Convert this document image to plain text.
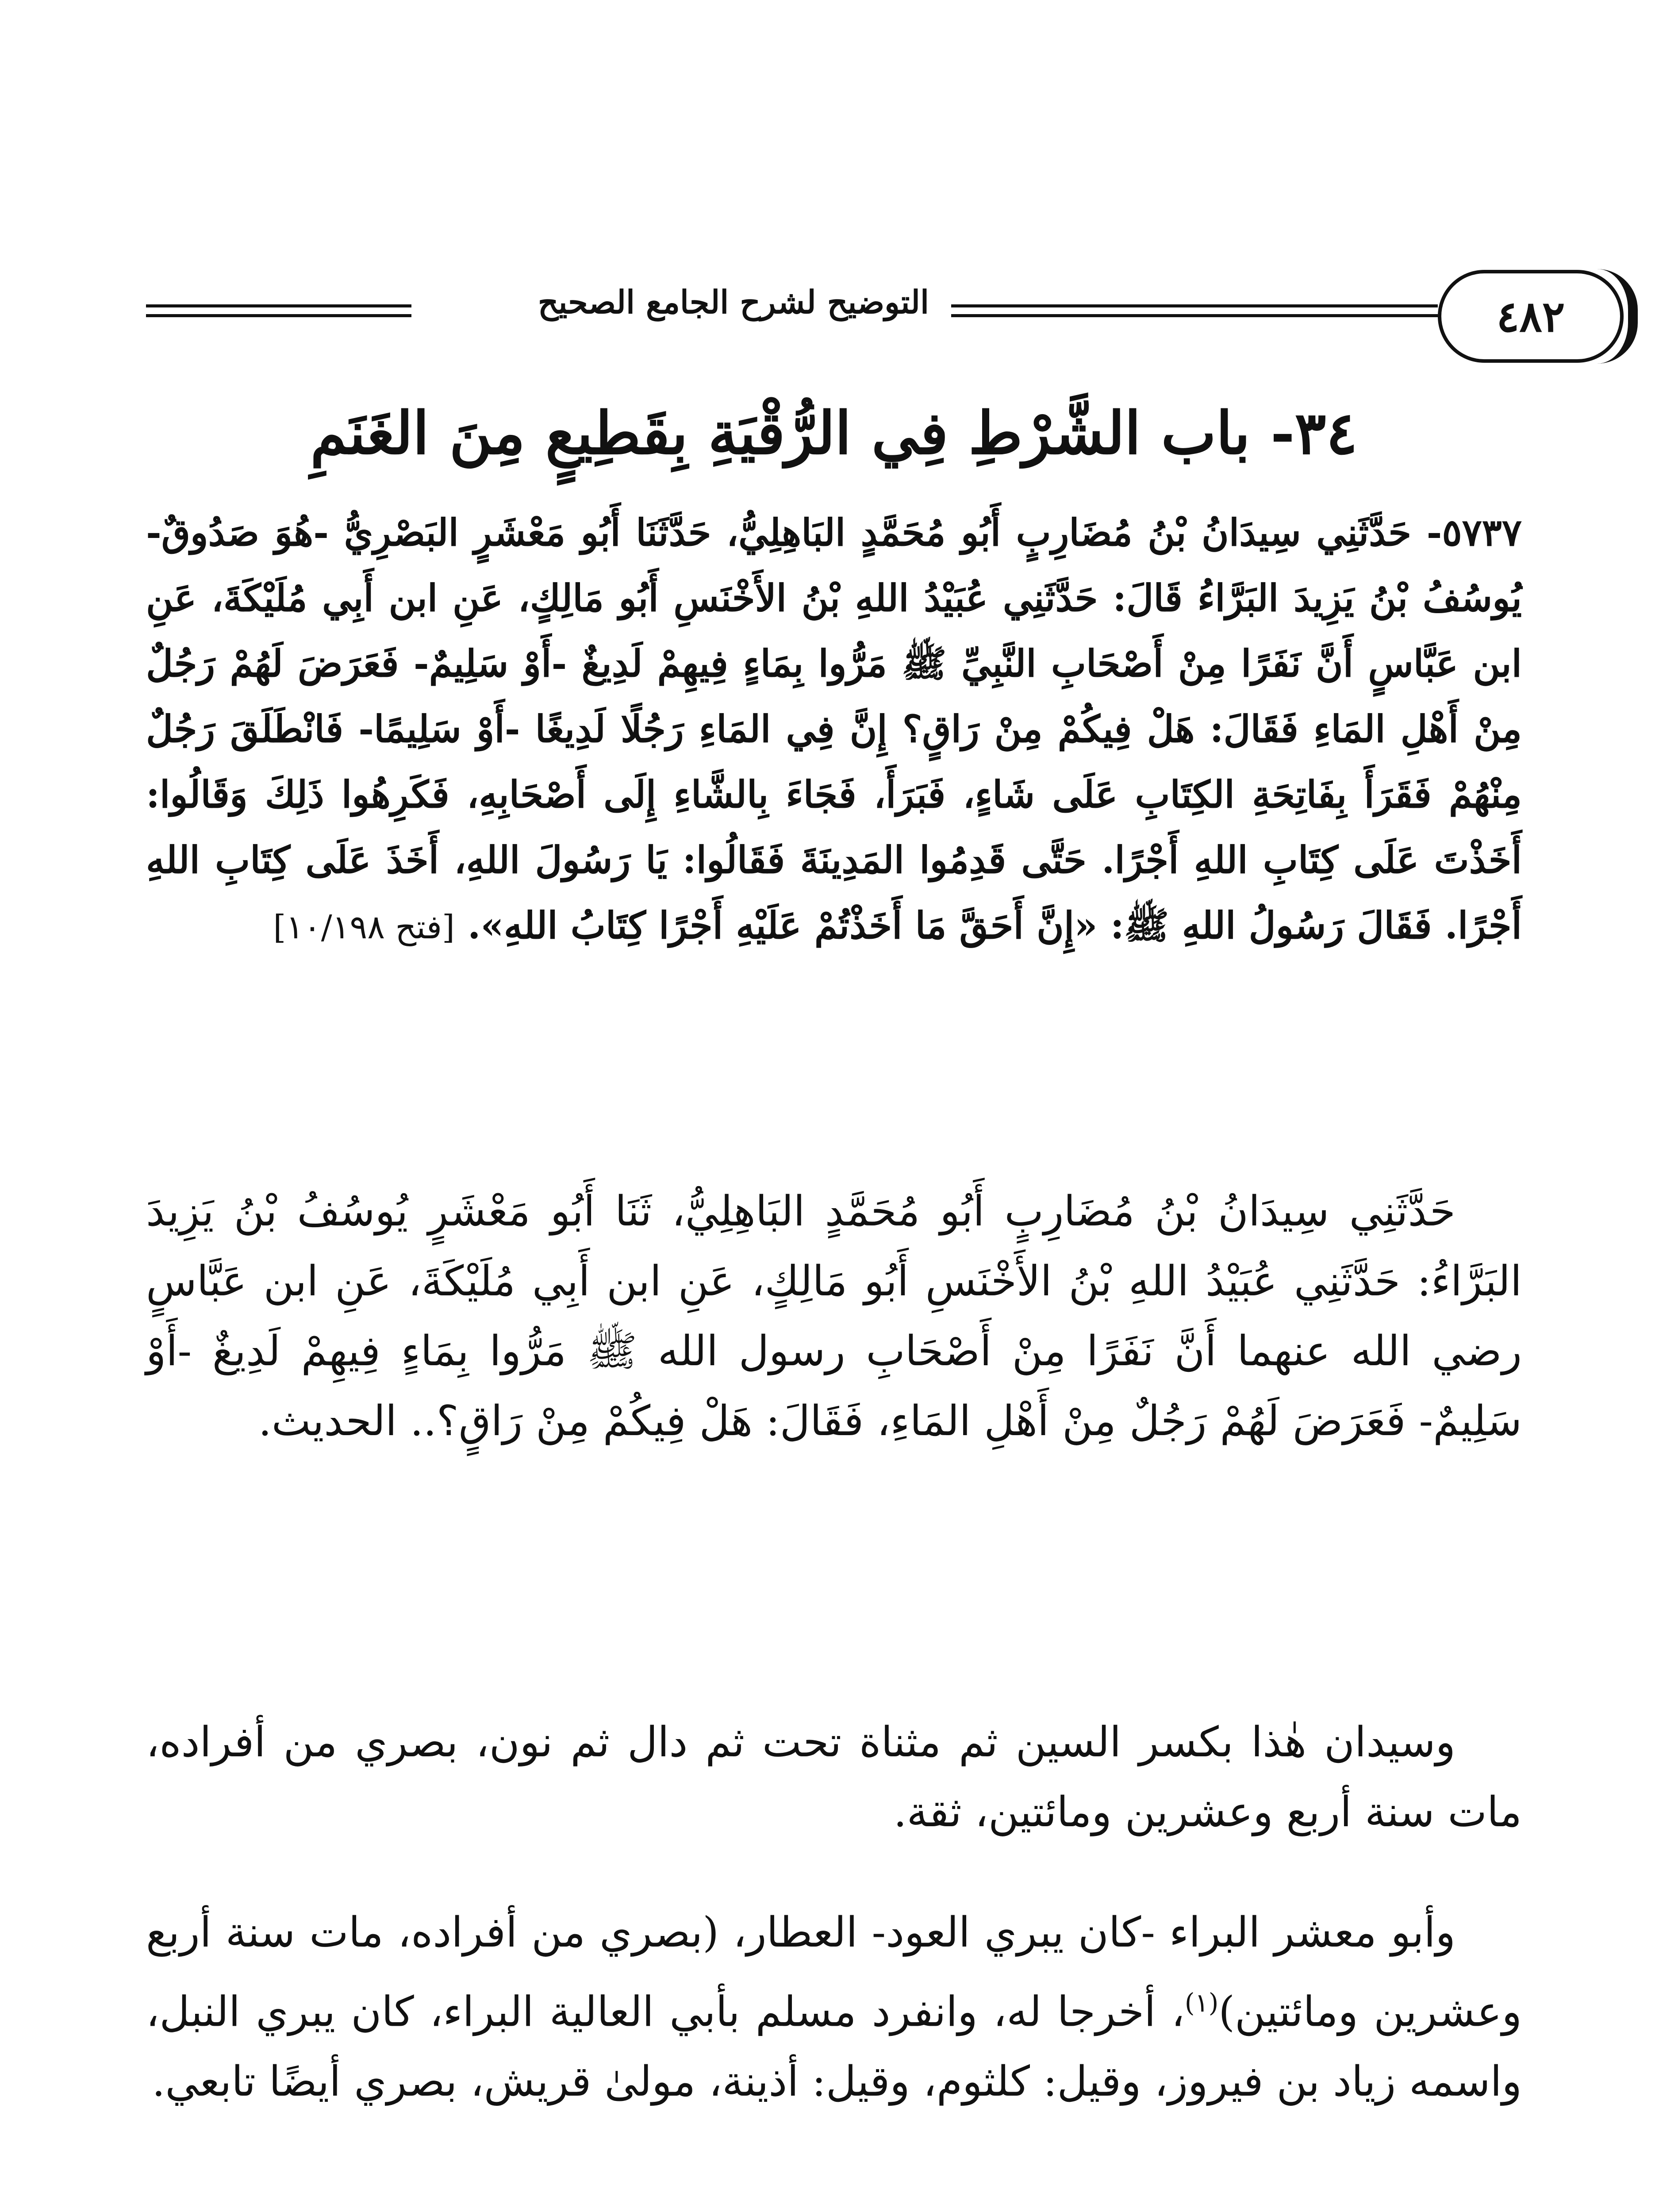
التوضيح لشرح الجامع الصحيح	٤٨٢
٣٤- باب الشَّرْطِ فِي الرُّقْيَةِ بِقَطِيعٍ مِنَ الغَنَمِ
٥٧٣٧- حَدَّثَنِي سِيدَانُ بْنُ مُضَارِبٍ أَبُو مُحَمَّدٍ البَاهِلِيُّ، حَدَّثَنَا أَبُو مَعْشَرٍ البَصْرِيُّ -هُوَ صَدُوقٌ- يُوسُفُ بْنُ يَزِيدَ البَرَّاءُ قَالَ: حَدَّثَنِي عُبَيْدُ اللهِ بْنُ الأَخْنَسِ أَبُو مَالِكٍ، عَنِ ابن أَبِي مُلَيْكَةَ، عَنِ ابن عَبَّاسٍ أَنَّ نَفَرًا مِنْ أَصْحَابِ النَّبِيِّ ﷺ مَرُّوا بِمَاءٍ فِيهِمْ لَدِيغٌ -أَوْ سَلِيمٌ- فَعَرَضَ لَهُمْ رَجُلٌ مِنْ أَهْلِ المَاءِ فَقَالَ: هَلْ فِيكُمْ مِنْ رَاقٍ؟ إِنَّ فِي المَاءِ رَجُلًا لَدِيغًا -أَوْ سَلِيمًا- فَانْطَلَقَ رَجُلٌ مِنْهُمْ فَقَرَأَ بِفَاتِحَةِ الكِتَابِ عَلَى شَاءٍ، فَبَرَأَ، فَجَاءَ بِالشَّاءِ إِلَى أَصْحَابِهِ، فَكَرِهُوا ذَلِكَ وَقَالُوا: أَخَذْتَ عَلَى كِتَابِ اللهِ أَجْرًا. حَتَّى قَدِمُوا المَدِينَةَ فَقَالُوا: يَا رَسُولَ اللهِ، أَخَذَ عَلَى كِتَابِ اللهِ أَجْرًا. فَقَالَ رَسُولُ اللهِ ﷺ: «إِنَّ أَحَقَّ مَا أَخَذْتُمْ عَلَيْهِ أَجْرًا كِتَابُ اللهِ». [فتح ١٠/١٩٨]
حَدَّثَنِي سِيدَانُ بْنُ مُضَارِبٍ أَبُو مُحَمَّدٍ البَاهِلِيُّ، ثَنَا أَبُو مَعْشَرٍ يُوسُفُ بْنُ يَزِيدَ البَرَّاءُ: حَدَّثَنِي عُبَيْدُ اللهِ بْنُ الأَخْنَسِ أَبُو مَالِكٍ، عَنِ ابن أَبِي مُلَيْكَةَ، عَنِ ابن عَبَّاسٍ رضي الله عنهما أَنَّ نَفَرًا مِنْ أَصْحَابِ رسول الله ﷺ مَرُّوا بِمَاءٍ فِيهِمْ لَدِيغٌ -أَوْ سَلِيمٌ- فَعَرَضَ لَهُمْ رَجُلٌ مِنْ أَهْلِ المَاءِ، فَقَالَ: هَلْ فِيكُمْ مِنْ رَاقٍ؟.. الحديث.
وسيدان هٰذا بكسر السين ثم مثناة تحت ثم دال ثم نون، بصري من أفراده، مات سنة أربع وعشرين ومائتين، ثقة.
وأبو معشر البراء -كان يبري العود- العطار، (بصري من أفراده، مات سنة أربع وعشرين ومائتين)$^{(١)}$، أخرجا له، وانفرد مسلم بأبي العالية البراء، كان يبري النبل، واسمه زياد بن فيروز، وقيل: كلثوم، وقيل: أذينة، مولىٰ قريش، بصري أيضًا تابعي.
